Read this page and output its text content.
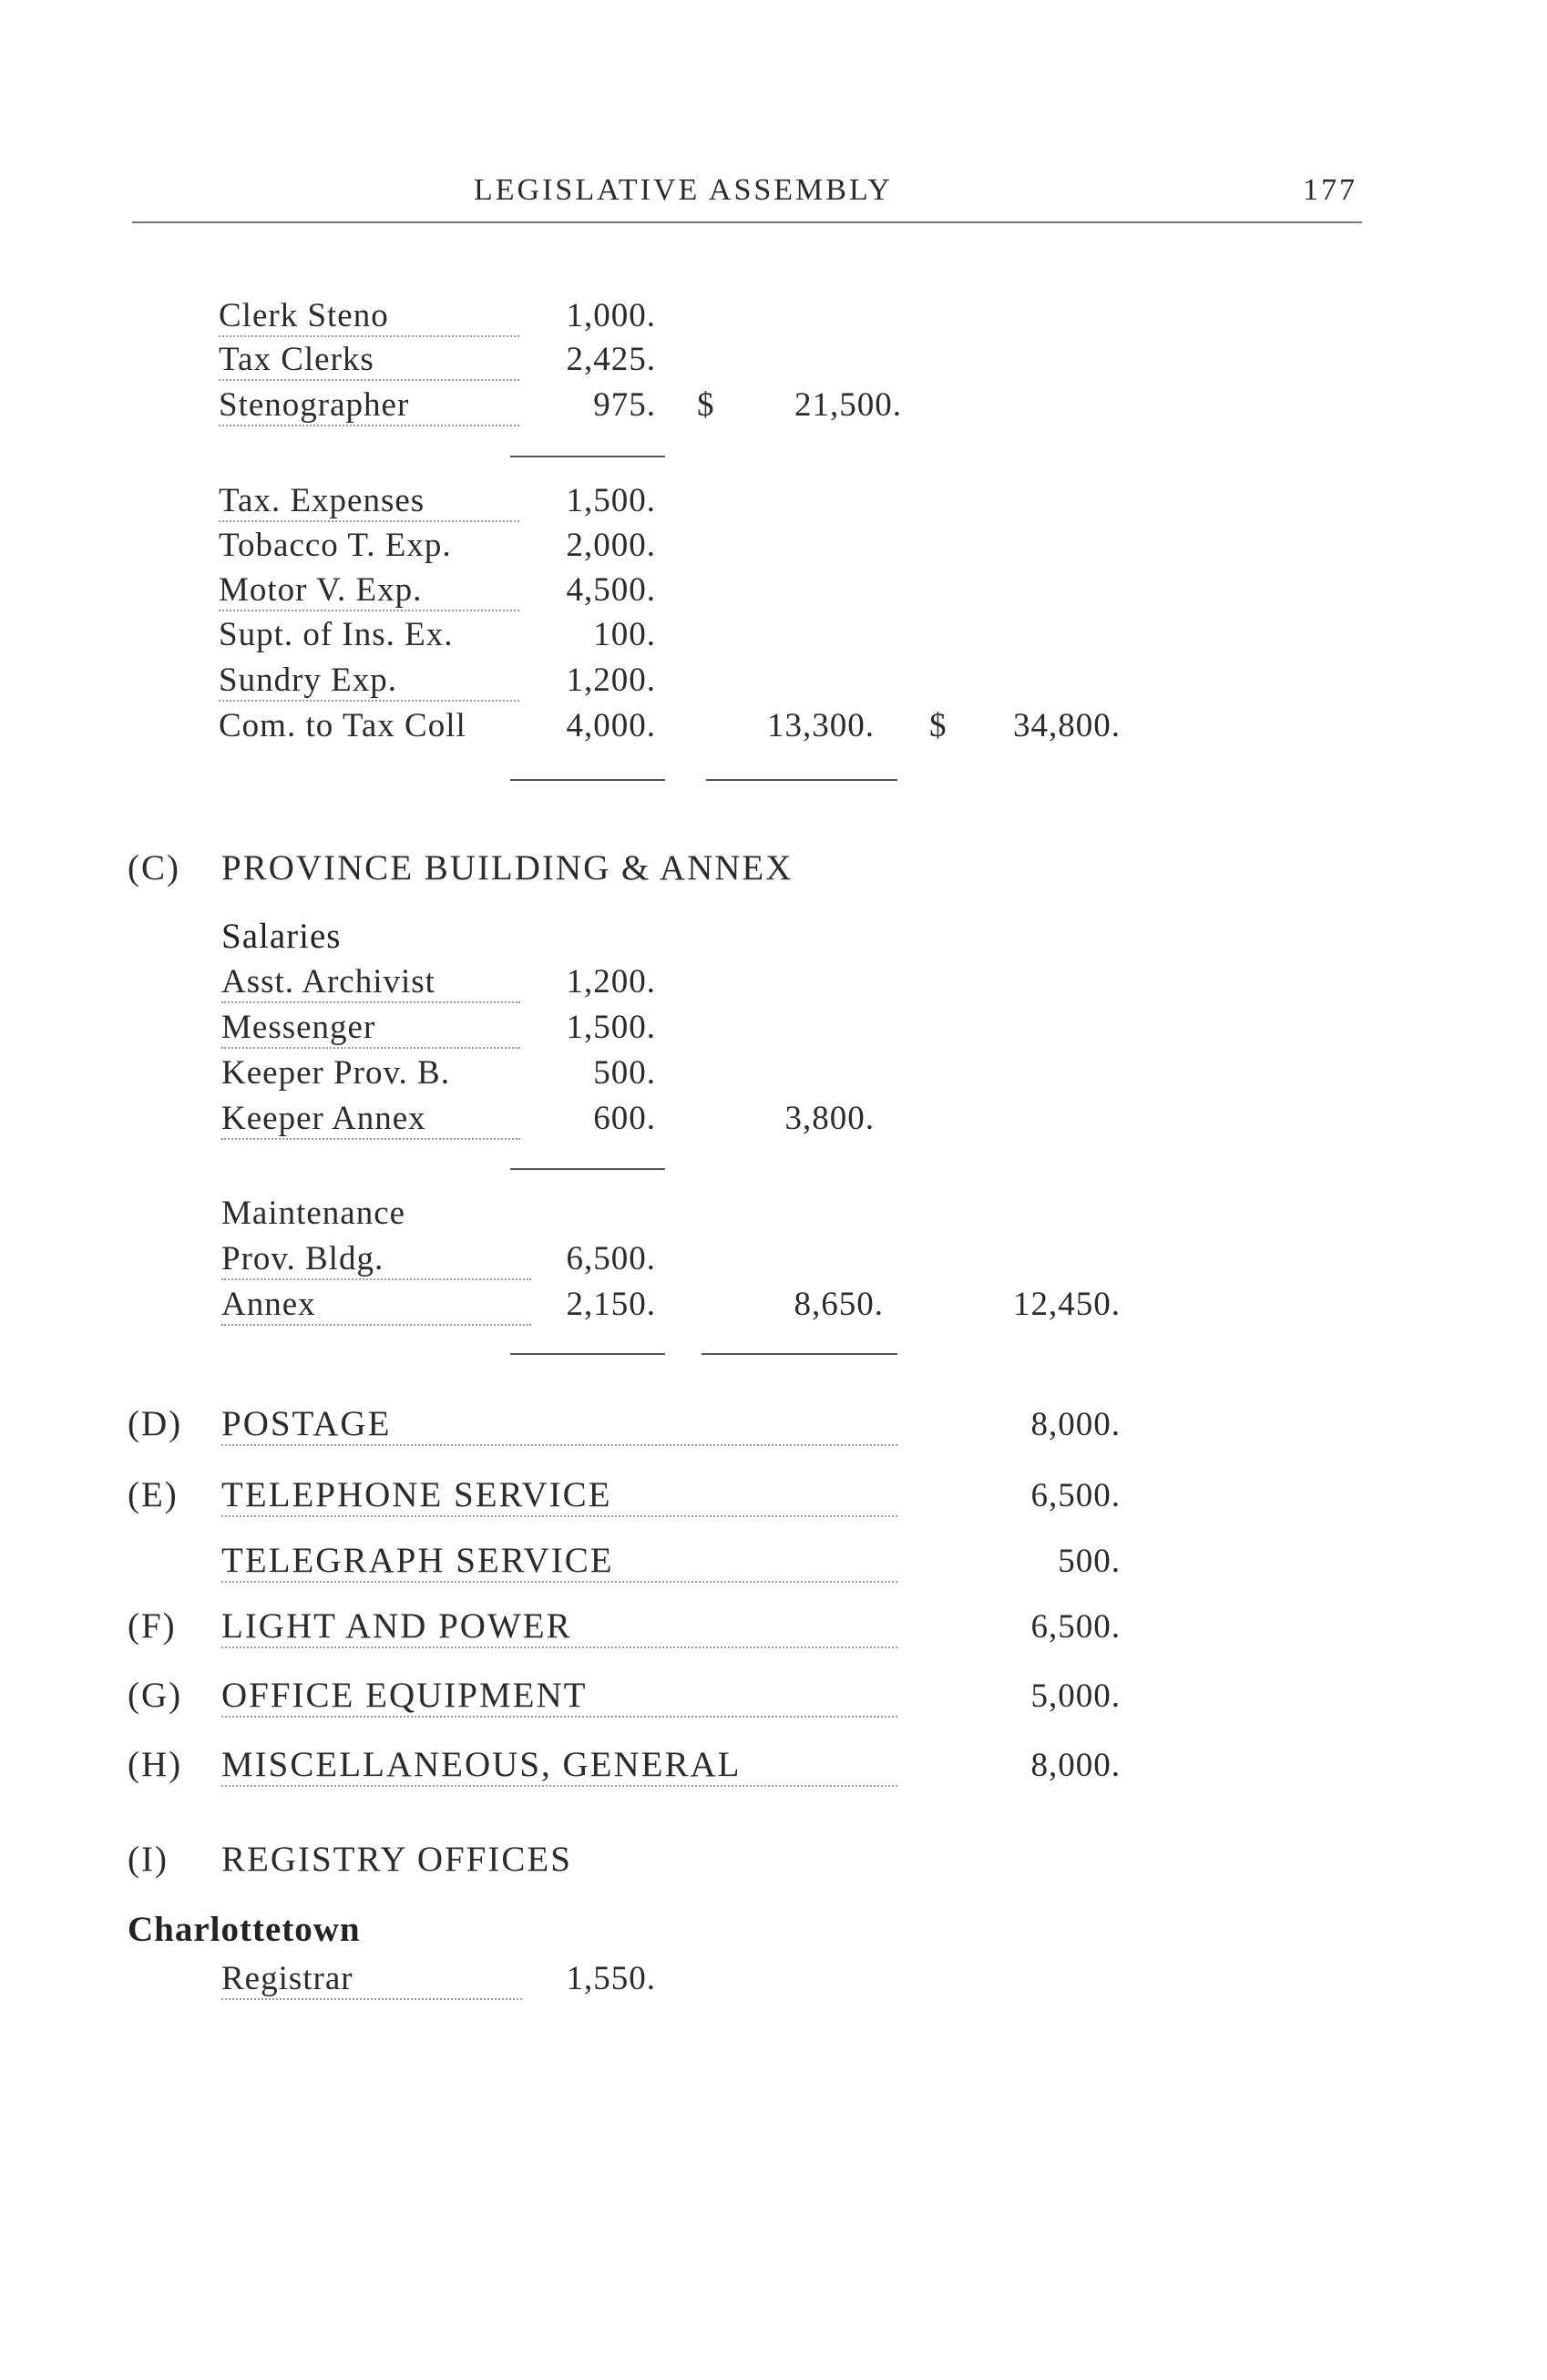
LEGISLATIVE ASSEMBLY	177
Clerk Steno	1,000.
Tax Clerks	2,425.
Stenographer	975. $	21,500.
Tax. Expenses	1,500.
Tobacco T. Exp.	2,000.
Motor V. Exp.	4,500.
Supt. of Ins. Ex.	100.
Sundry Exp.	1,200.
Com. to Tax Coll	4,000.	13,300. $	34,800.
(C) PROVINCE BUILDING & ANNEX
Salaries
Asst. Archivist	1,200.
Messenger	1,500.
Keeper Prov. B.	500.
Keeper Annex	600.	3,800.
Maintenance
Prov. Bldg.	6,500.
Annex	2,150.	8,650.	12,450.
(D) POSTAGE	8,000.
(E) TELEPHONE SERVICE	6,500.
TELEGRAPH SERVICE	500.
(F) LIGHT AND POWER	6,500.
(G) OFFICE EQUIPMENT	5,000.
(H) MISCELLANEOUS, GENERAL	8,000.
(I) REGISTRY OFFICES
Charlottetown
Registrar	1,550.
